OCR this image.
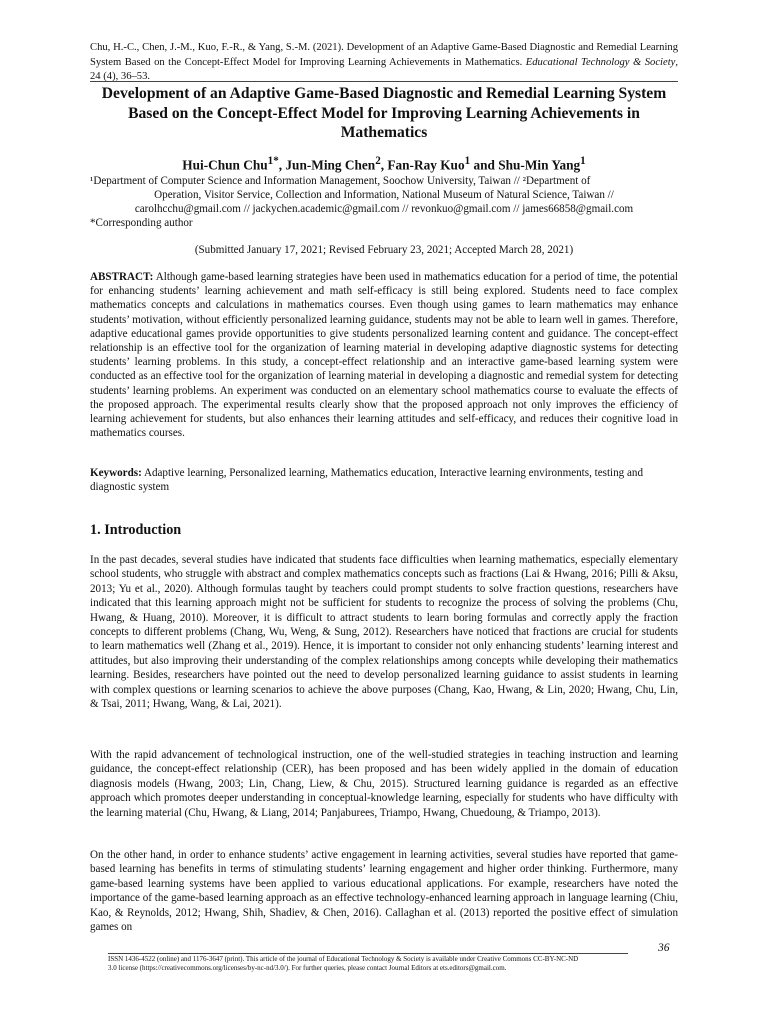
Chu, H.-C., Chen, J.-M., Kuo, F.-R., & Yang, S.-M. (2021). Development of an Adaptive Game-Based Diagnostic and Remedial Learning System Based on the Concept-Effect Model for Improving Learning Achievements in Mathematics. Educational Technology & Society, 24 (4), 36–53.
Development of an Adaptive Game-Based Diagnostic and Remedial Learning System Based on the Concept-Effect Model for Improving Learning Achievements in Mathematics
Hui-Chun Chu$^{1*}$, Jun-Ming Chen$^2$, Fan-Ray Kuo$^1$ and Shu-Min Yang$^1$
¹Department of Computer Science and Information Management, Soochow University, Taiwan // ²Department of
Operation, Visitor Service, Collection and Information, National Museum of Natural Science, Taiwan //
carolhcchu@gmail.com // jackychen.academic@gmail.com // revonkuo@gmail.com // james66858@gmail.com
*Corresponding author
(Submitted January 17, 2021; Revised February 23, 2021; Accepted March 28, 2021)
ABSTRACT: Although game-based learning strategies have been used in mathematics education for a period of time, the potential for enhancing students’ learning achievement and math self-efficacy is still being explored. Students need to face complex mathematics concepts and calculations in mathematics courses. Even though using games to learn mathematics may enhance students’ motivation, without efficiently personalized learning guidance, students may not be able to learn well in games. Therefore, adaptive educational games provide opportunities to give students personalized learning content and guidance. The concept-effect relationship is an effective tool for the organization of learning material in developing adaptive diagnostic systems for detecting students’ learning problems. In this study, a concept-effect relationship and an interactive game-based learning system were conducted as an effective tool for the organization of learning material in developing a diagnostic and remedial system for detecting students’ learning problems. An experiment was conducted on an elementary school mathematics course to evaluate the effects of the proposed approach. The experimental results clearly show that the proposed approach not only improves the efficiency of learning achievement for students, but also enhances their learning attitudes and self-efficacy, and reduces their cognitive load in mathematics courses.
Keywords: Adaptive learning, Personalized learning, Mathematics education, Interactive learning environments, testing and diagnostic system
1. Introduction
In the past decades, several studies have indicated that students face difficulties when learning mathematics, especially elementary school students, who struggle with abstract and complex mathematics concepts such as fractions (Lai & Hwang, 2016; Pilli & Aksu, 2013; Yu et al., 2020). Although formulas taught by teachers could prompt students to solve fraction questions, researchers have indicated that this learning approach might not be sufficient for students to recognize the process of solving the problems (Chu, Hwang, & Huang, 2010). Moreover, it is difficult to attract students to learn boring formulas and correctly apply the fraction concepts to different problems (Chang, Wu, Weng, & Sung, 2012). Researchers have noticed that fractions are crucial for students to learn mathematics well (Zhang et al., 2019). Hence, it is important to consider not only enhancing students’ learning interest and attitudes, but also improving their understanding of the complex relationships among concepts while developing their mathematics learning. Besides, researchers have pointed out the need to develop personalized learning guidance to assist students in learning with complex questions or learning scenarios to achieve the above purposes (Chang, Kao, Hwang, & Lin, 2020; Hwang, Chu, Lin, & Tsai, 2011; Hwang, Wang, & Lai, 2021).
With the rapid advancement of technological instruction, one of the well-studied strategies in teaching instruction and learning guidance, the concept-effect relationship (CER), has been proposed and has been widely applied in the domain of education diagnosis models (Hwang, 2003; Lin, Chang, Liew, & Chu, 2015). Structured learning guidance is regarded as an effective approach which promotes deeper understanding in conceptual-knowledge learning, especially for students who have difficulty with the learning material (Chu, Hwang, & Liang, 2014; Panjaburees, Triampo, Hwang, Chuedoung, & Triampo, 2013).
On the other hand, in order to enhance students’ active engagement in learning activities, several studies have reported that game-based learning has benefits in terms of stimulating students’ learning engagement and higher order thinking. Furthermore, many game-based learning systems have been applied to various educational applications. For example, researchers have noted the importance of the game-based learning approach as an effective technology-enhanced learning approach in language learning (Chiu, Kao, & Reynolds, 2012; Hwang, Shih, Shadiev, & Chen, 2016). Callaghan et al. (2013) reported the positive effect of simulation games on
36
ISSN 1436-4522 (online) and 1176-3647 (print). This article of the journal of Educational Technology & Society is available under Creative Commons CC-BY-NC-ND
3.0 license (https://creativecommons.org/licenses/by-nc-nd/3.0/). For further queries, please contact Journal Editors at ets.editors@gmail.com.
